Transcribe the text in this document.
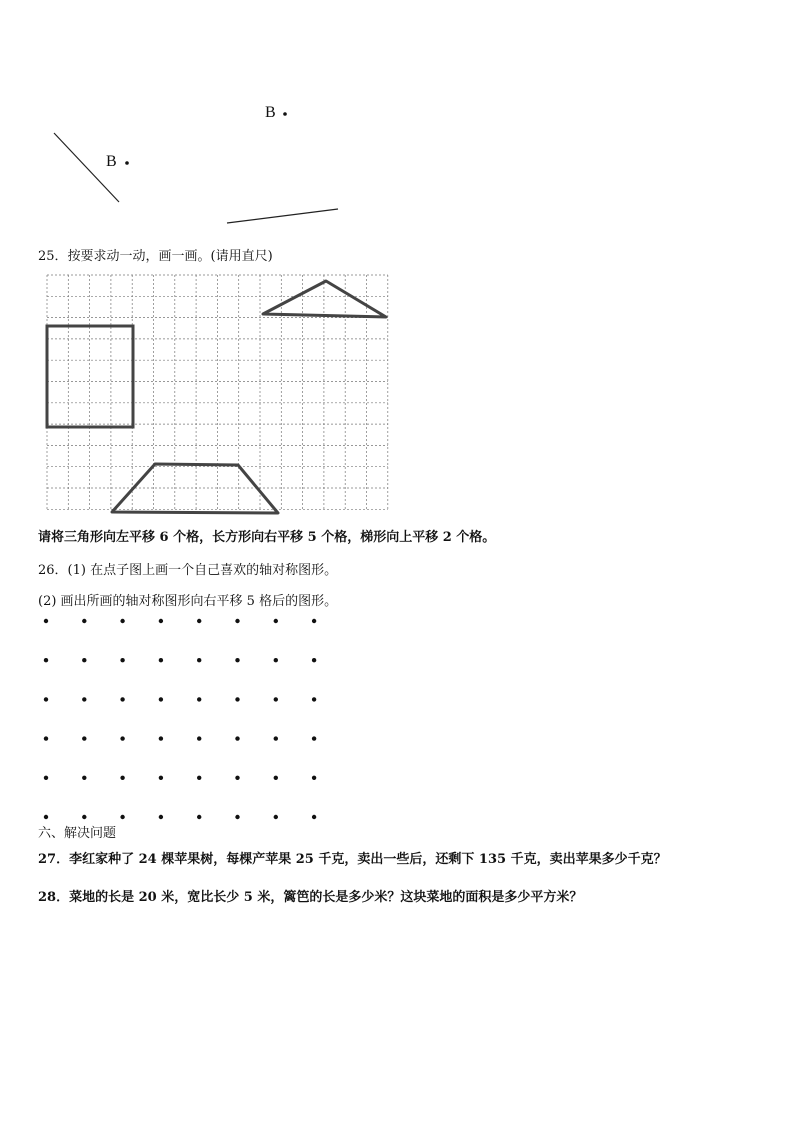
B
B
25．按要求动一动，画一画。(请用直尺)
请将三角形向左平移 6 个格，长方形向右平移 5 个格，梯形向上平移 2 个格。
26．(1) 在点子图上画一个自己喜欢的轴对称图形。
(2) 画出所画的轴对称图形向右平移 5 格后的图形。
六、解决问题
27．李红家种了 24 棵苹果树，每棵产苹果 25 千克，卖出一些后，还剩下 135 千克，卖出苹果多少千克？
28．菜地的长是 20 米，宽比长少 5 米，篱笆的长是多少米？这块菜地的面积是多少平方米？
